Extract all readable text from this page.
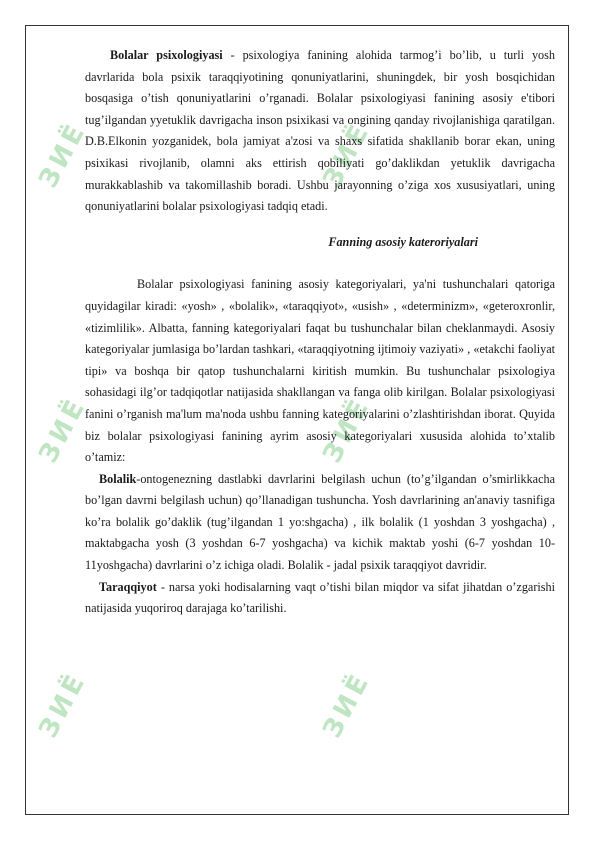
ЗИЁ	ЗИЁ
ЗИЁ	ЗИЁ
ЗИЁ	ЗИЁ

Bolalar psixologiyasi - psixologiya fanining alohida tarmog’i bo’lib, u turli yosh davrlarida bola psixik taraqqiyotining qonuniyatlarini, shuningdek, bir yosh bosqichidan bosqasiga o’tish qonuniyatlarini o’rganadi. Bolalar psixologiyasi fanining asosiy e'tibori tug’ilgandan yyetuklik davrigacha inson psixikasi va ongining qanday rivojlanishiga qaratilgan. D.B.Elkonin yozganidek, bola jamiyat a'zosi va shaxs sifatida shakllanib borar ekan, uning psixikasi rivojlanib, olamni aks ettirish qobiliyati go’daklikdan yetuklik davrigacha murakkablashib va takomillashib boradi. Ushbu jarayonning o’ziga xos xususiyatlari, uning qonuniyatlarini bolalar psixologiyasi tadqiq etadi.

Fanning asosiy kateroriyalari

Bolalar psixologiyasi fanining asosiy kategoriyalari, ya'ni tushunchalari qatoriga quyidagilar kiradi: «yosh» , «bolalik», «taraqqiyot», «usish» , «determinizm», «geteroxronlir, «tizimlilik». Albatta, fanning kategoriyalari faqat bu tushunchalar bilan cheklanmaydi. Asosiy kategoriyalar jumlasiga bo’lardan tashkari, «taraqqiyotning ijtimoiy vaziyati» , «etakchi faoliyat tipi» va boshqa bir qatop tushunchalarni kiritish mumkin. Bu tushunchalar psixologiya sohasidagi ilg’or tadqiqotlar natijasida shakllangan va fanga olib kirilgan. Bolalar psixologiyasi fanini o’rganish ma'lum ma'noda ushbu fanning kategoriyalarini o’zlashtirishdan iborat. Quyida biz bolalar psixologiyasi fanining ayrim asosiy kategoriyalari xususida alohida to’xtalib o’tamiz:

Bolalik-ontogenezning dastlabki davrlarini belgilash uchun (to’g’ilgandan o’smirlikkacha bo’lgan davrni belgilash uchun) qo’llanadigan tushuncha. Yosh davrlarining an'anaviy tasnifiga ko’ra bolalik go’daklik (tug’ilgandan 1 yo:shgacha) , ilk bolalik (1 yoshdan 3 yoshgacha) , maktabgacha yosh (3 yoshdan 6-7 yoshgacha) va kichik maktab yoshi (6-7 yoshdan 10-11yoshgacha) davrlarini o’z ichiga oladi. Bolalik - jadal psixik taraqqiyot davridir.

Taraqqiyot - narsa yoki hodisalarning vaqt o’tishi bilan miqdor va sifat jihatdan o’zgarishi natijasida yuqoriroq darajaga ko’tarilishi.
